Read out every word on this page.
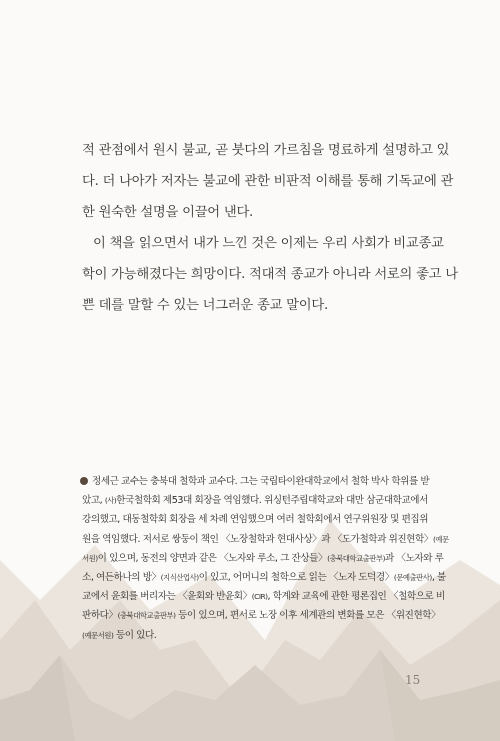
적 관점에서 원시 불교, 곧 붓다의 가르침을 명료하게 설명하고 있

다. 더 나아가 저자는 불교에 관한 비판적 이해를 통해 기독교에 관

한 원숙한 설명을 이끌어 낸다.

이 책을 읽으면서 내가 느낀 것은 이제는 우리 사회가 비교종교

학이 가능해졌다는 희망이다. 적대적 종교가 아니라 서로의 좋고 나

쁜 데를 말할 수 있는 너그러운 종교 말이다.

정세근 교수는 충북대 철학과 교수다. 그는 국립타이완대학교에서 철학 박사 학위를 받

았고, (사)한국철학회 제53대 회장을 역임했다. 위싱턴주립대학교와 대만 삼군대학교에서

강의했고, 대동철학회 회장을 세 차례 연임했으며 여러 철학회에서 연구위원장 및 편집위

원을 역임했다. 저서로 쌍둥이 책인 〈노장철학과 현대사상〉과 〈도가철학과 위진현학〉(예문

서원)이 있으며, 동전의 양면과 같은 〈노자와 루소, 그 잔상들〉(충북대학교출판부)과 〈노자와 루

소, 여든하나의 방〉(지식산업사)이 있고, 어머니의 철학으로 읽는 〈노자 도덕경〉(문예출판사), 불

교에서 윤회를 버리자는 〈윤회와 반윤회〉(CIR), 학계와 교육에 관한 평론집인 〈철학으로 비

판하다〉(충북대학교출판부) 등이 있으며, 편서로 노장 이후 세계관의 변화를 모은 〈위진현학〉

(예문서원) 등이 있다.

15
